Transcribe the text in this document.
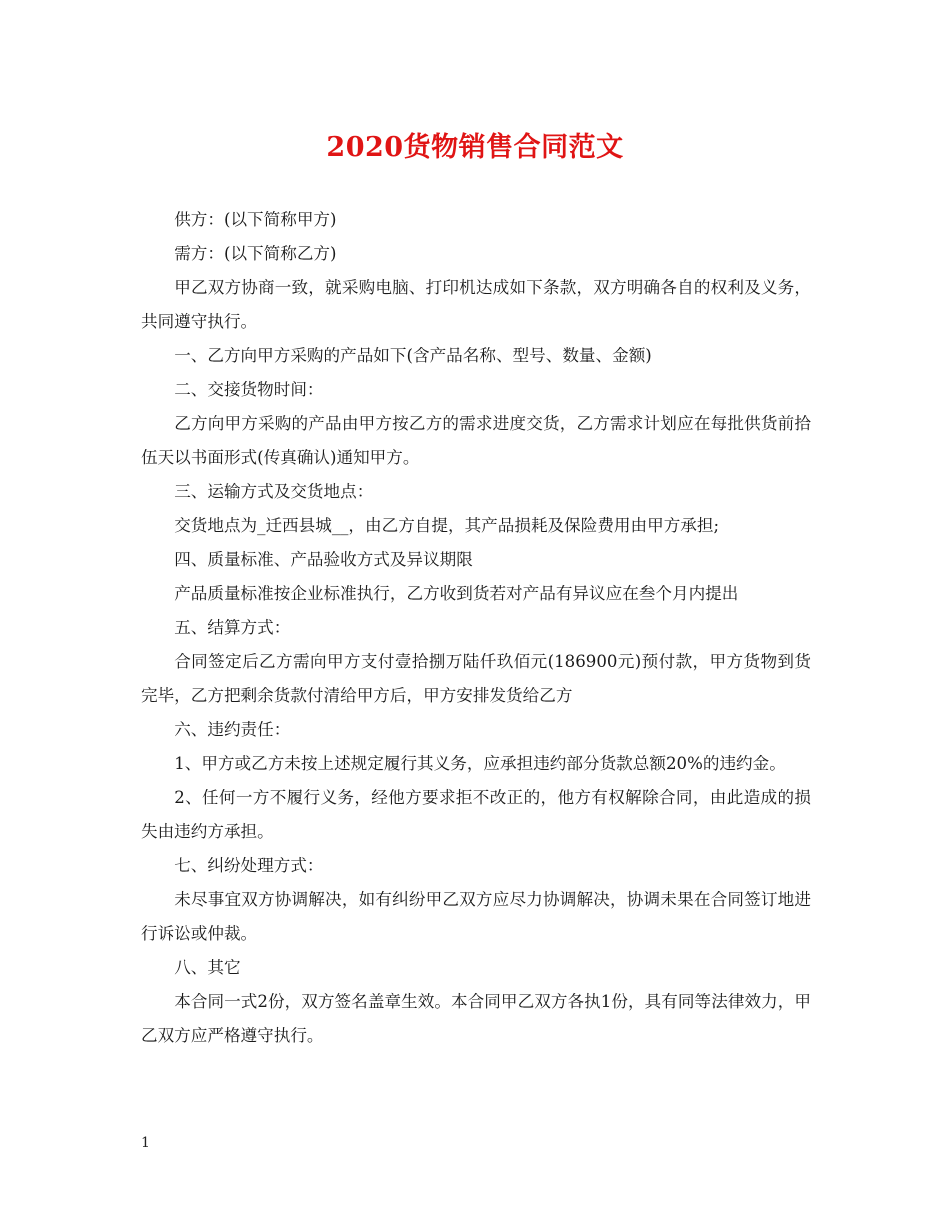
2020货物销售合同范文

供方：(以下简称甲方)

需方：(以下简称乙方)

甲乙双方协商一致，就采购电脑、打印机达成如下条款，双方明确各自的权利及义务，共同遵守执行。

一、乙方向甲方采购的产品如下(含产品名称、型号、数量、金额)

二、交接货物时间：

乙方向甲方采购的产品由甲方按乙方的需求进度交货，乙方需求计划应在每批供货前拾伍天以书面形式(传真确认)通知甲方。

三、运输方式及交货地点：

交货地点为_迁西县城__，由乙方自提，其产品损耗及保险费用由甲方承担;

四、质量标准、产品验收方式及异议期限

产品质量标准按企业标准执行，乙方收到货若对产品有异议应在叁个月内提出

五、结算方式：

合同签定后乙方需向甲方支付壹拾捌万陆仟玖佰元(186900元)预付款，甲方货物到货完毕，乙方把剩余货款付清给甲方后，甲方安排发货给乙方

六、违约责任：

1、甲方或乙方未按上述规定履行其义务，应承担违约部分货款总额20%的违约金。

2、任何一方不履行义务，经他方要求拒不改正的，他方有权解除合同，由此造成的损失由违约方承担。

七、纠纷处理方式：

未尽事宜双方协调解决，如有纠纷甲乙双方应尽力协调解决，协调未果在合同签订地进行诉讼或仲裁。

八、其它

本合同一式2份，双方签名盖章生效。本合同甲乙双方各执1份，具有同等法律效力，甲乙双方应严格遵守执行。

1
